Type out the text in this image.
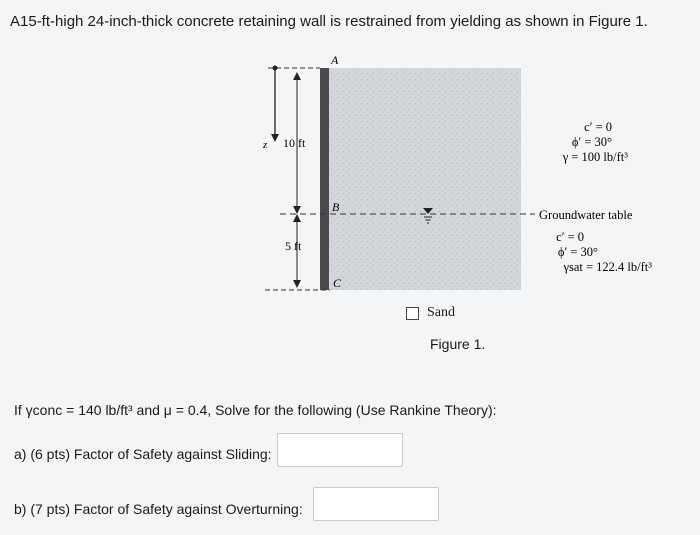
A15-ft-high 24-inch-thick concrete retaining wall is restrained from yielding as shown in Figure 1.
A
B
C
z 10 ft
5 ft
c′ = 0
ϕ′ = 30°
γ = 100 lb/ft³
Groundwater table
c′ = 0
ϕ′ = 30°
γsat = 122.4 lb/ft³
Sand
Figure 1.
If γconc = 140 lb/ft³ and μ = 0.4, Solve for the following (Use Rankine Theory):
a) (6 pts) Factor of Safety against Sliding:
b) (7 pts) Factor of Safety against Overturning:
